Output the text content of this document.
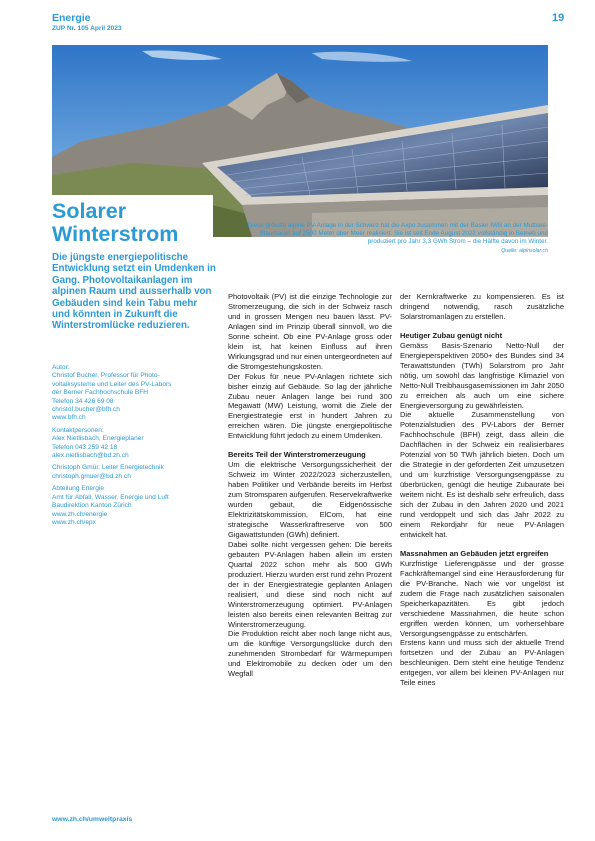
Energie
ZUP Nr. 105 April 2023
19
Solarer
Winterstrom	Diese grösste alpine PV-Anlage in der Schweiz hat die Axpo zusammen mit der Basler IWB an der Muttsee-Staumauer auf 2500 Meter über Meer realisiert. Sie ist seit Ende August 2022 vollständig in Betrieb und produziert pro Jahr 3,3 GWh Strom – die Hälfte davon im Winter.
Quelle: alpinsolar.ch
Die jüngste energiepolitische Entwicklung setzt ein Umdenken in Gang. Photovoltaikanlagen im alpinen Raum und ausserhalb von Gebäuden sind kein Tabu mehr und könnten in Zukunft die Winterstromlücke reduzieren.
Autor:
Christof Bucher, Professor für Photo-
voltaiksysteme und Leiter des PV-Labors
der Berner Fachhochschule BFH
Telefon 34 426 69 08
christof.bucher@bfh.ch
www.bfh.ch
Kontaktpersonen:
Alex Nietlisbach, Energieplaner
Telefon 043 259 42 18
alex.nietlisbach@bd.zh.ch
Christoph Gmür, Leiter Energietechnik
christoph.gmuer@bd.zh.ch
Abteilung Energie
Amt für Abfall, Wasser, Energie und Luft
Baudirektion Kanton Zürich
www.zh.ch/energie
www.zh.ch/epx

Photovoltaik (PV) ist die einzige Technologie zur Stromerzeugung, die sich in der Schweiz rasch und in grossen Mengen neu bauen lässt. PV-Anlagen sind im Prinzip überall sinnvoll, wo die Sonne scheint. Ob eine PV-Anlage gross oder klein ist, hat keinen Einfluss auf ihren Wirkungsgrad und nur einen untergeordneten auf die Stromgestehungskosten.

Der Fokus für neue PV-Anlagen richtete sich bisher einzig auf Gebäude. So lag der jährliche Zubau neuer Anlagen lange bei rund 300 Megawatt (MW) Leistung, womit die Ziele der Energiestrategie erst in hundert Jahren zu erreichen wären. Die jüngste energiepolitische Entwicklung führt jedoch zu einem Umdenken.

Bereits Teil der Winterstromerzeugung

Um die elektrische Versorgungssicherheit der Schweiz im Winter 2022/2023 sicherzustellen, haben Politiker und Verbände bereits im Herbst zum Stromsparen aufgerufen. Reservekraftwerke wurden gebaut, die Eidgenössische Elektrizitätskommission, ElCom, hat eine strategische Wasserkraftreserve von 500 Gigawattstunden (GWh) definiert.

Dabei sollte nicht vergessen gehen: Die bereits gebauten PV-Anlagen haben allein im ersten Quartal 2022 schon mehr als 500 GWh produziert. Hierzu wurden erst rund zehn Prozent der in der Energiestrategie geplanten Anlagen realisiert, und diese sind noch nicht auf Winterstromerzeugung optimiert. PV-Anlagen leisten also bereits einen relevanten Beitrag zur Winterstromerzeugung.

Die Produktion reicht aber noch lange nicht aus, um die künftige Versorgungslücke durch den zunehmenden Strombedarf für Wärmepumpen und Elektromobile zu decken oder um den Wegfall

der Kernkraftwerke zu kompensieren. Es ist dringend notwendig, rasch zusätzliche Solarstromanlagen zu erstellen.

Heutiger Zubau genügt nicht

Gemäss Basis-Szenario Netto-Null der Energieperspektiven 2050+ des Bundes sind 34 Terawattstunden (TWh) Solarstrom pro Jahr nötig, um sowohl das langfristige Klimaziel von Netto-Null Treibhausgasemissionen im Jahr 2050 zu erreichen als auch um eine sichere Energieversorgung zu gewährleisten.

Die aktuelle Zusammenstellung von Potenzialstudien des PV-Labors der Berner Fachhochschule (BFH) zeigt, dass allein die Dachflächen in der Schweiz ein realisierbares Potenzial von 50 TWh jährlich bieten. Doch um die Strategie in der geforderten Zeit umzusetzen und um kurzfristige Versorgungsengpässe zu überbrücken, genügt die heutige Zubaurate bei weitem nicht. Es ist deshalb sehr erfreulich, dass sich der Zubau in den Jahren 2020 und 2021 rund verdoppelt und sich das Jahr 2022 zu einem Rekordjahr für neue PV-Anlagen entwickelt hat.

Massnahmen an Gebäuden jetzt ergreifen

Kurzfristige Lieferengpässe und der grosse Fachkräftemangel sind eine Herausforderung für die PV-Branche. Nach wie vor ungelöst ist zudem die Frage nach zusätzlichen saisonalen Speicherkapazitäten. Es gibt jedoch verschiedene Massnahmen, die heute schon ergriffen werden können, um vorhersehbare Versorgungsengpässe zu entschärfen.

Erstens kann und muss sich der aktuelle Trend fortsetzen und der Zubau an PV-Anlagen beschleunigen. Dem steht eine heutige Tendenz entgegen, vor allem bei kleinen PV-Anlagen nur Teile eines

www.zh.ch/umweltpraxis
